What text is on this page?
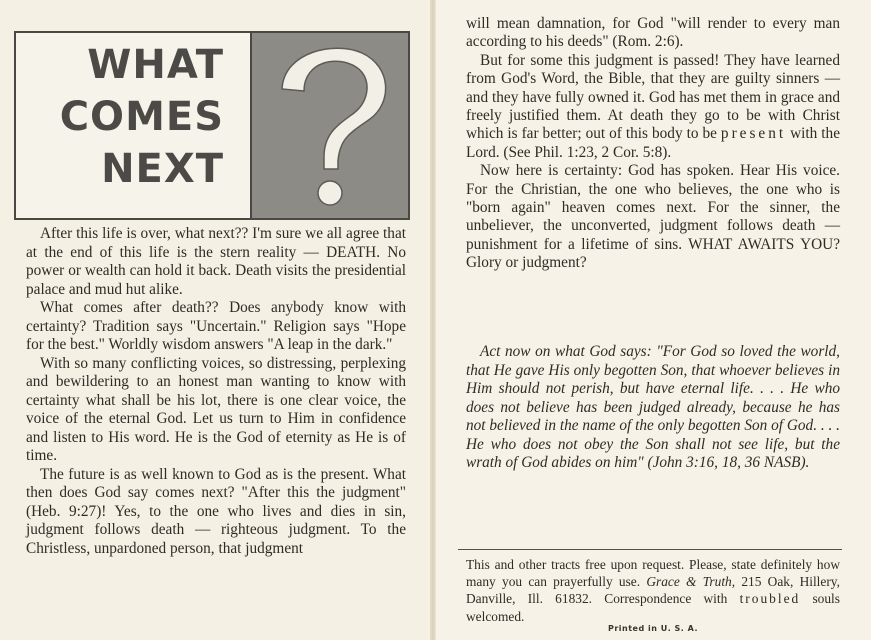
WHAT
COMES
NEXT

After this life is over, what next?? I'm sure we all agree that at the end of this life is the stern reality — DEATH. No power or wealth can hold it back. Death visits the presidential palace and mud hut alike.

What comes after death?? Does anybody know with certainty? Tradition says "Uncertain." Religion says "Hope for the best." Worldly wisdom answers "A leap in the dark."

With so many conflicting voices, so distressing, perplexing and bewildering to an honest man wanting to know with certainty what shall be his lot, there is one clear voice, the voice of the eternal God. Let us turn to Him in confidence and listen to His word. He is the God of eternity as He is of time.

The future is as well known to God as is the present. What then does God say comes next? "After this the judgment" (Heb. 9:27)! Yes, to the one who lives and dies in sin, judgment follows death — righteous judgment. To the Christless, unpardoned person, that judgment

will mean damnation, for God "will render to every man according to his deeds" (Rom. 2:6).

But for some this judgment is passed! They have learned from God's Word, the Bible, that they are guilty sinners — and they have fully owned it. God has met them in grace and freely justified them. At death they go to be with Christ which is far better; out of this body to be present with the Lord. (See Phil. 1:23, 2 Cor. 5:8).

Now here is certainty: God has spoken. Hear His voice. For the Christian, the one who believes, the one who is "born again" heaven comes next. For the sinner, the unbeliever, the unconverted, judgment follows death — punishment for a lifetime of sins. WHAT AWAITS YOU? Glory or judgment?

Act now on what God says: "For God so loved the world, that He gave His only begotten Son, that whoever believes in Him should not perish, but have eternal life. . . . He who does not believe has been judged already, because he has not believed in the name of the only begotten Son of God. . . . He who does not obey the Son shall not see life, but the wrath of God abides on him" (John 3:16, 18, 36 NASB).
This and other tracts free upon request. Please, state definitely how many you can prayerfully use. Grace & Truth, 215 Oak, Hillery, Danville, Ill. 61832. Correspondence with troubled souls welcomed.
Printed in U. S. A.
